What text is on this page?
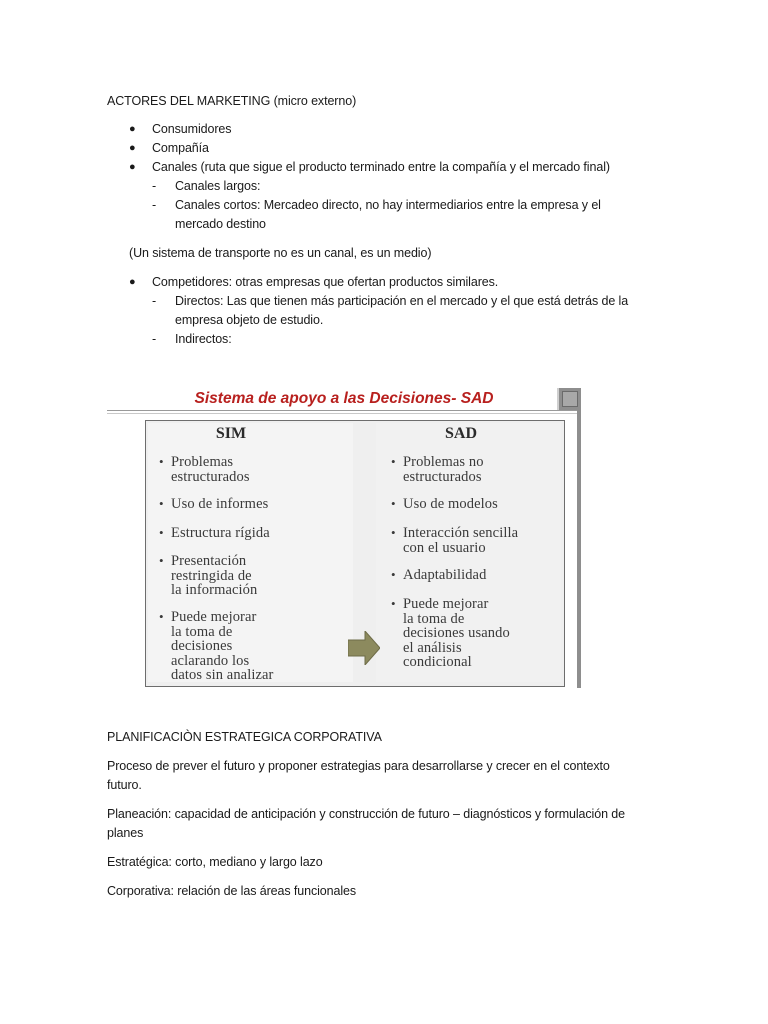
ACTORES DEL MARKETING (micro externo)
● Consumidores
● Compañía
● Canales (ruta que sigue el producto terminado entre la compañía y el mercado final)
- Canales largos:
- Canales cortos: Mercadeo directo, no hay intermediarios entre la empresa y el
mercado destino
(Un sistema de transporte no es un canal, es un medio)
● Competidores: otras empresas que ofertan productos similares.
- Directos: Las que tienen más participación en el mercado y el que está detrás de la
empresa objeto de estudio.
- Indirectos:
Sistema de apoyo a las Decisiones- SAD
SIM	SAD
• Problemas
estructurados
• Uso de informes
• Estructura rígida
• Presentación
restringida de
la información
• Puede mejorar
la toma de
decisiones
aclarando los
datos sin analizar
• Problemas no
estructurados
• Uso de modelos
• Interacción sencilla
con el usuario
• Adaptabilidad
• Puede mejorar
la toma de
decisiones usando
el análisis
condicional
PLANIFICACIÒN ESTRATEGICA CORPORATIVA
Proceso de prever el futuro y proponer estrategias para desarrollarse y crecer en el contexto
futuro.
Planeación: capacidad de anticipación y construcción de futuro – diagnósticos y formulación de
planes
Estratégica: corto, mediano y largo lazo
Corporativa: relación de las áreas funcionales
